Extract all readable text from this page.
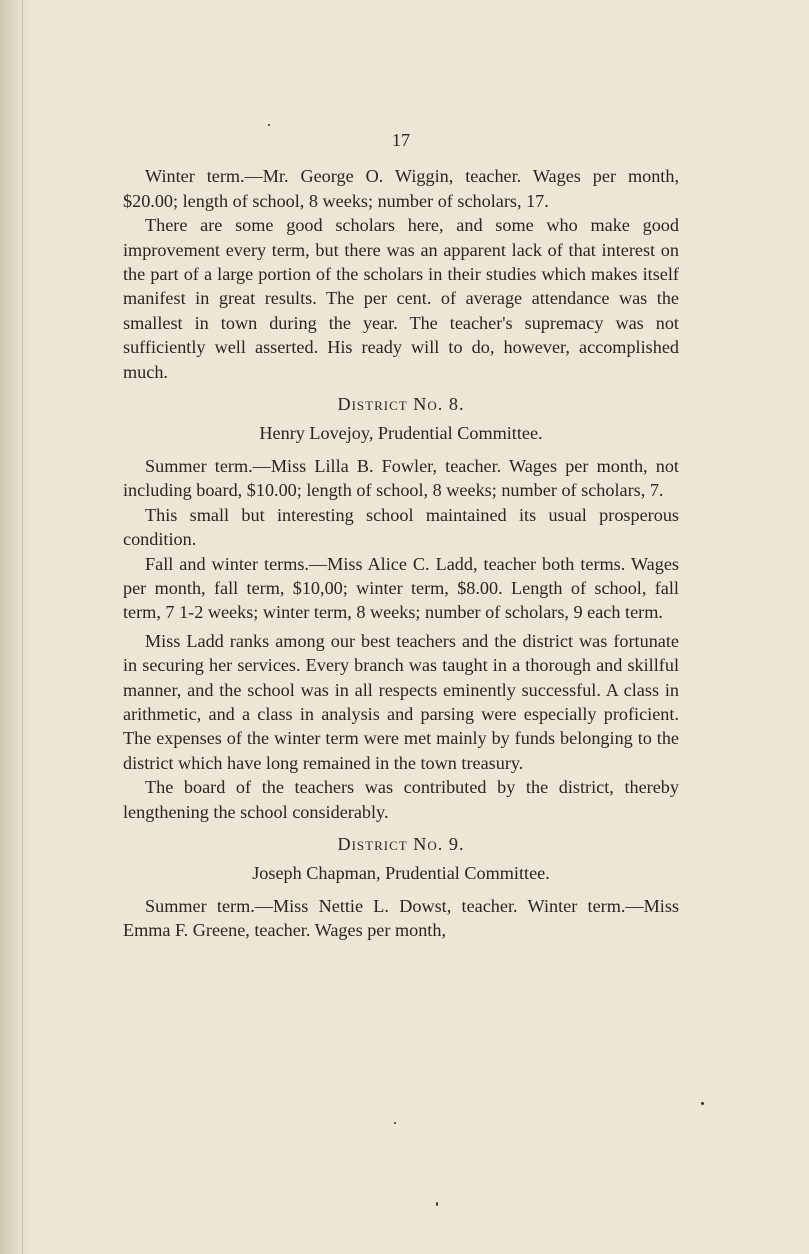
17

Winter term.—Mr. George O. Wiggin, teacher. Wages per month, $20.00; length of school, 8 weeks; number of scholars, 17.

There are some good scholars here, and some who make good improvement every term, but there was an apparent lack of that interest on the part of a large portion of the scholars in their studies which makes itself manifest in great results. The per cent. of average attendance was the smallest in town during the year. The teacher's supremacy was not sufficiently well asserted. His ready will to do, however, accomplished much.

District No. 8.
Henry Lovejoy, Prudential Committee.

Summer term.—Miss Lilla B. Fowler, teacher. Wages per month, not including board, $10.00; length of school, 8 weeks; number of scholars, 7.

This small but interesting school maintained its usual prosperous condition.

Fall and winter terms.—Miss Alice C. Ladd, teacher both terms. Wages per month, fall term, $10,00; winter term, $8.00. Length of school, fall term, 7 1-2 weeks; winter term, 8 weeks; number of scholars, 9 each term.

Miss Ladd ranks among our best teachers and the district was fortunate in securing her services. Every branch was taught in a thorough and skillful manner, and the school was in all respects eminently successful. A class in arithmetic, and a class in analysis and parsing were especially proficient. The expenses of the winter term were met mainly by funds belonging to the district which have long remained in the town treasury.

The board of the teachers was contributed by the district, thereby lengthening the school considerably.

District No. 9.
Joseph Chapman, Prudential Committee.

Summer term.—Miss Nettie L. Dowst, teacher. Winter term.—Miss Emma F. Greene, teacher. Wages per month,
